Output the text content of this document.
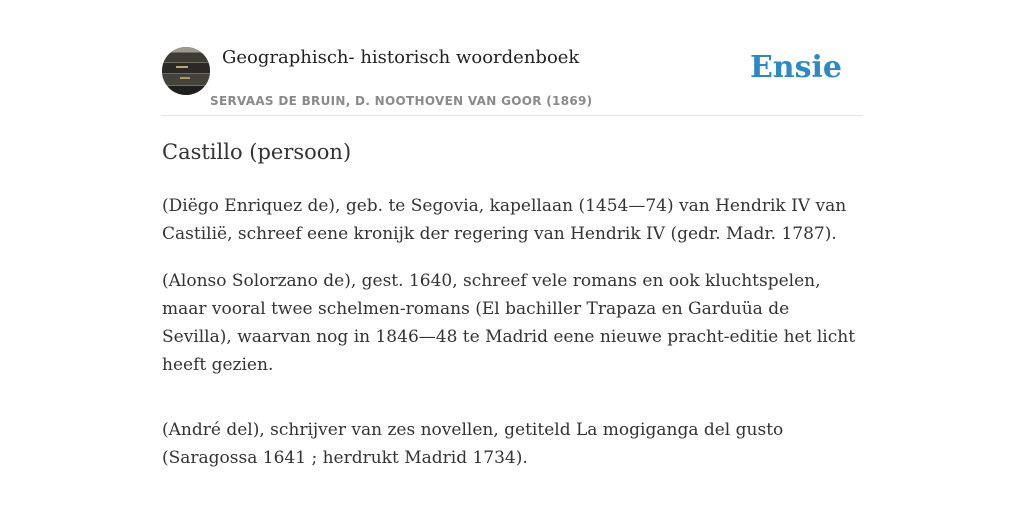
Geographisch- historisch woordenboek
SERVAAS DE BRUIN, D. NOOTHOVEN VAN GOOR (1869)
Ensie
Castillo (persoon)

(Diëgo Enriquez de), geb. te Segovia, kapellaan (1454—74) van Hendrik IV van Castilië, schreef eene kronijk der regering van Hendrik IV (gedr. Madr. 1787).

(Alonso Solorzano de), gest. 1640, schreef vele romans en ook kluchtspelen, maar vooral twee schelmen-romans (El bachiller Trapaza en Garduüa de Sevilla), waarvan nog in 1846—48 te Madrid eene nieuwe pracht-editie het licht heeft gezien.

(André del), schrijver van zes novellen, getiteld La mogiganga del gusto (Saragossa 1641 ; herdrukt Madrid 1734).
